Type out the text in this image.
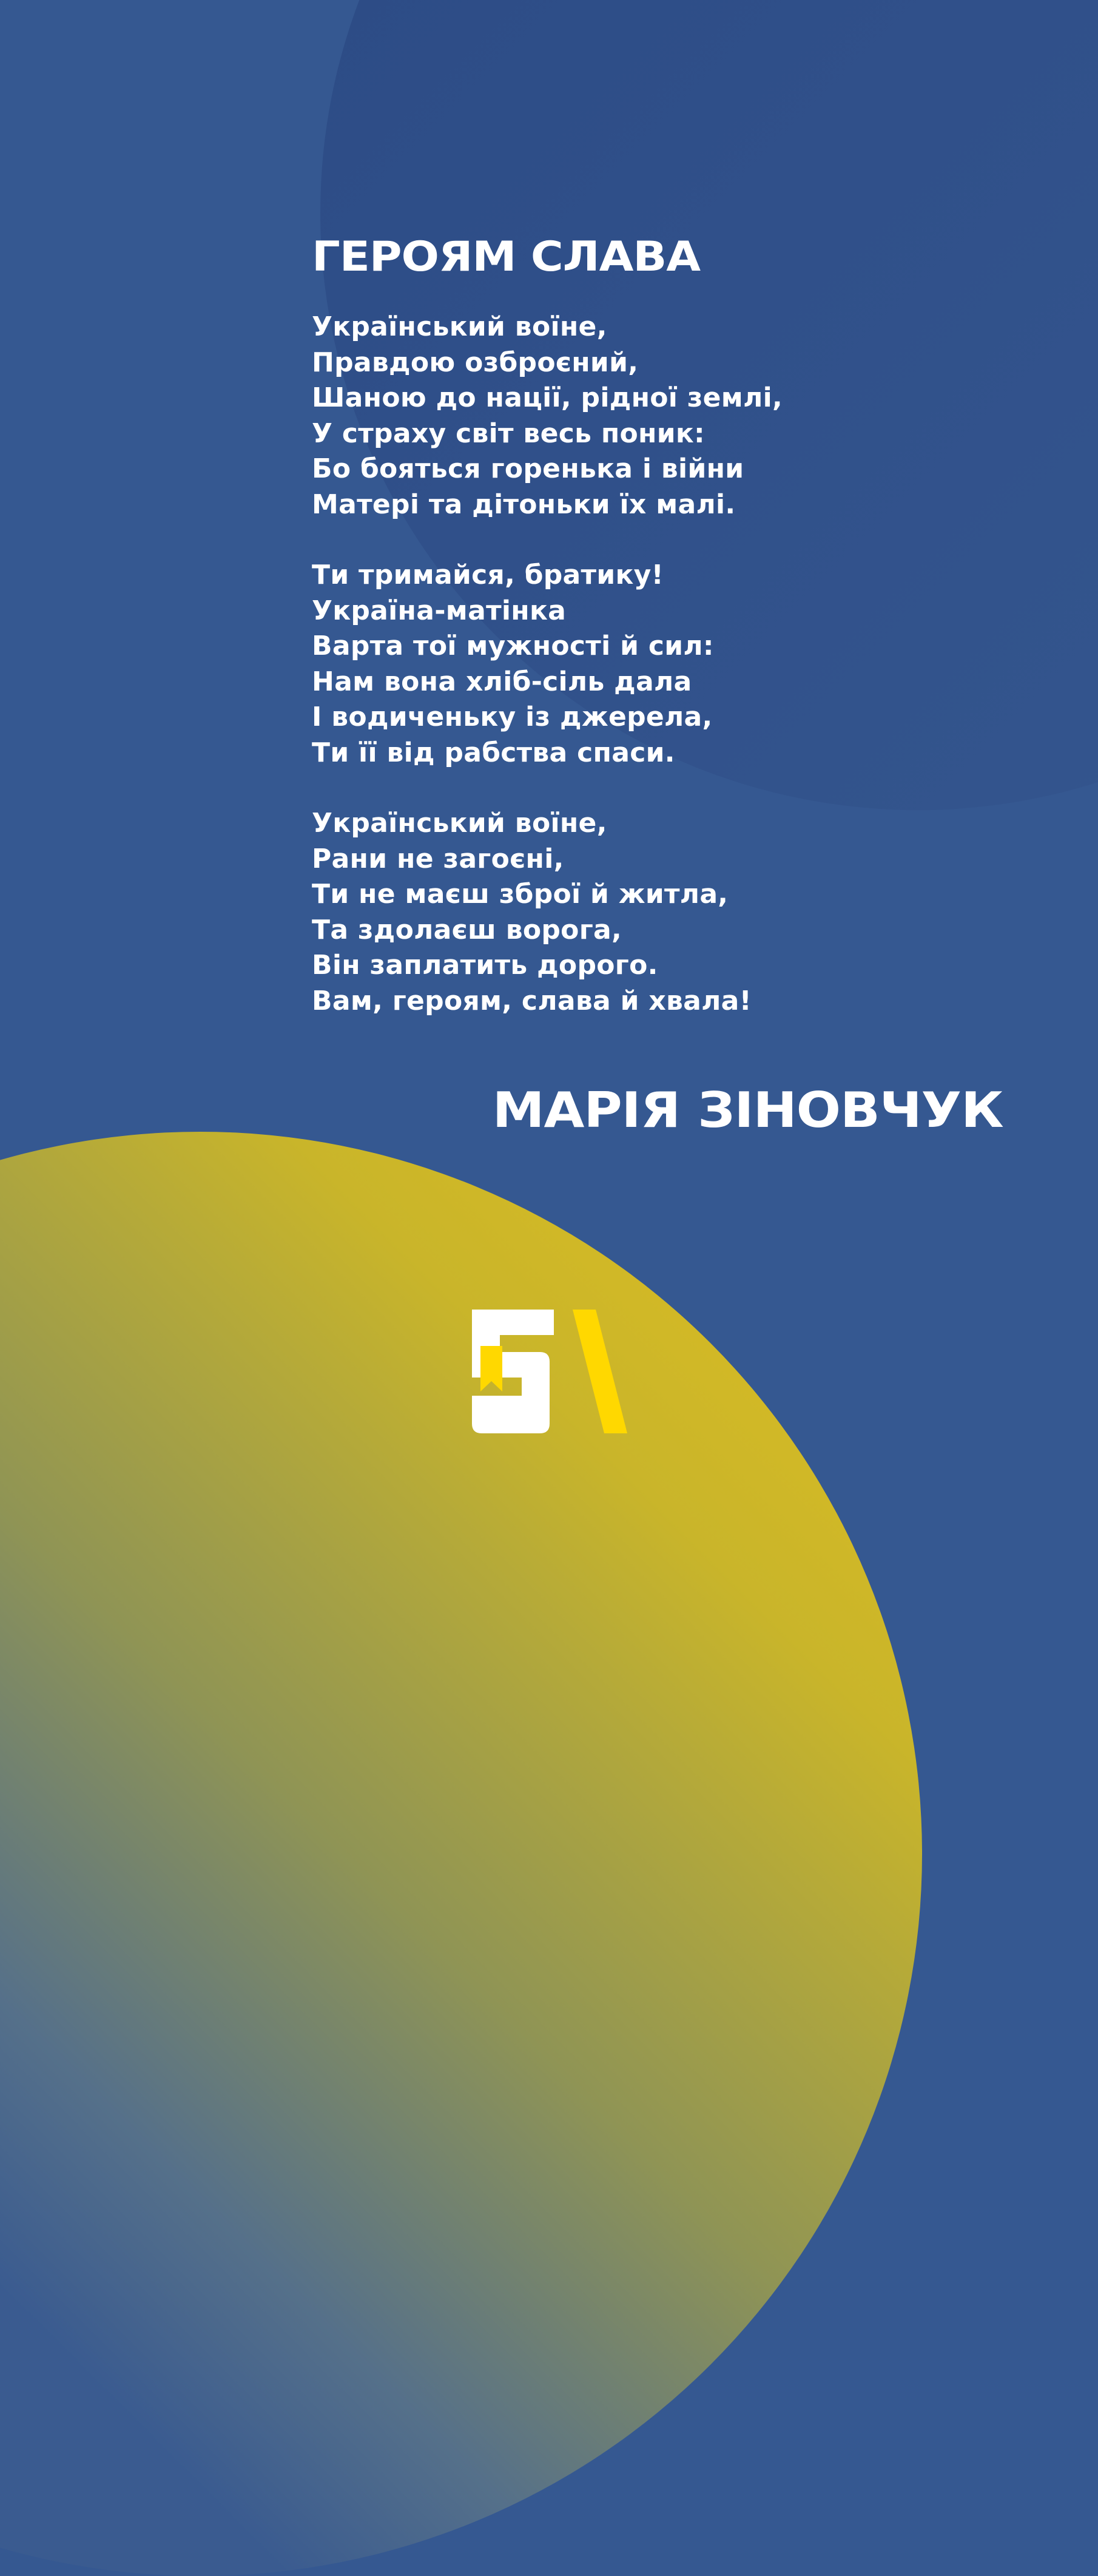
ГЕРОЯМ СЛАВА
Український воїне,
Правдою озброєний,
Шаною до нації, рідної землі,
У страху світ весь поник:
Бо бояться горенька і війни
Матері та дітоньки їх малі.
Ти тримайся, братику!
Україна-матінка
Варта тої мужності й сил:
Нам вона хліб-сіль дала
І водиченьку із джерела,
Ти її від рабства спаси.
Український воїне,
Рани не загоєні,
Ти не маєш зброї й житла,
Та здолаєш ворога,
Він заплатить дорого.
Вам, героям, слава й хвала!
МАРІЯ ЗІНОВЧУК
